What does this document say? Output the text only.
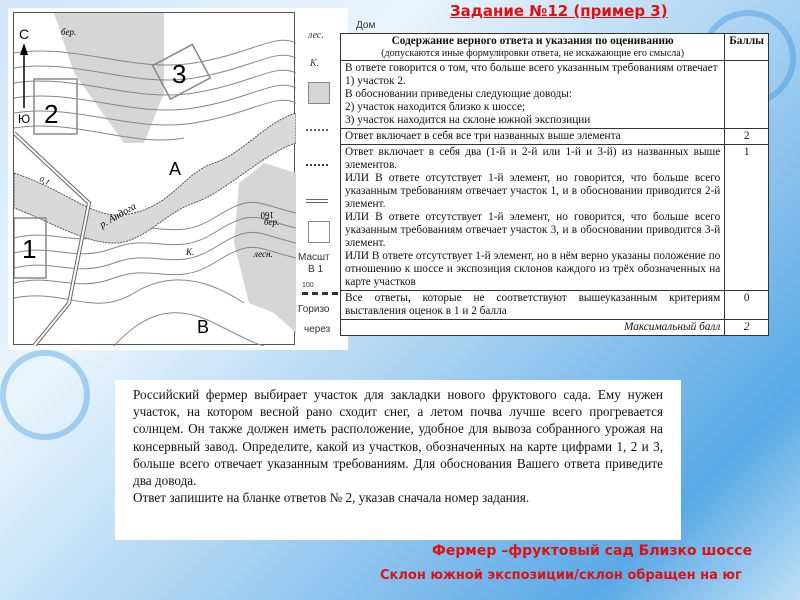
Задание №12 (пример 3)
С
Ю 2
1
3
А
В
р. Андога
бер.
бер.
К.	лесн.
160
0,1
Дом
лес.
К.
Масшт
В 1
100
Горизо
через
Содержание верного ответа и указания по оцениванию
(допускаются иные формулировки ответа, не искажающие его смысла)	Баллы

В ответе говорится о том, что больше всего указанным требованиям отвечает

1) участок 2.

В обосновании приведены следующие доводы:

2) участок находится близко к шоссе;

3) участок находится на склоне южной экспозиции	

Ответ включает в себя все три названных выше элемента	2

Ответ включает в себя два (1-й и 2-й или 1-й и 3-й) из названных выше элементов.

ИЛИ В ответе отсутствует 1-й элемент, но говорится, что больше всего указанным требованиям отвечает участок 1, и в обосновании приводится 2-й элемент.

ИЛИ В ответе отсутствует 1-й элемент, но говорится, что больше всего указанным требованиям отвечает участок 3, и в обосновании приводится 3-й элемент.

ИЛИ В ответе отсутствует 1-й элемент, но в нём верно указаны положение по отношению к шоссе и экспозиция склонов каждого из трёх обозначенных на карте участков	1

Все ответы, которые не соответствуют вышеуказанным критериям выставления оценок в 1 и 2 балла	0
Максимальный балл	2

Российский фермер выбирает участок для закладки нового фруктового сада. Ему нужен участок, на котором весной рано сходит снег, а летом почва лучше всего прогревается солнцем. Он также должен иметь расположение, удобное для вывоза собранного урожая на консервный завод. Определите, какой из участков, обозначенных на карте цифрами 1, 2 и 3, больше всего отвечает указанным требованиям. Для обоснования Вашего ответа приведите два довода.

Ответ запишите на бланке ответов № 2, указав сначала номер задания.

Фермер –фруктовый сад Близко шоссе
Склон южной экспозиции/склон обращен на юг
